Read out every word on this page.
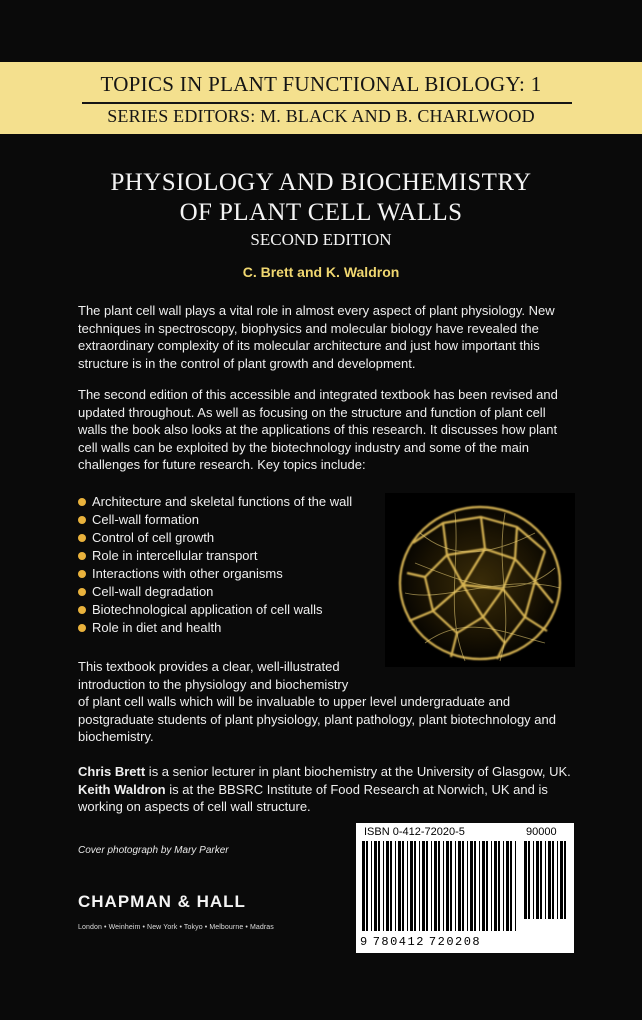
TOPICS IN PLANT FUNCTIONAL BIOLOGY: 1
SERIES EDITORS: M. BLACK AND B. CHARLWOOD
PHYSIOLOGY AND BIOCHEMISTRY
OF PLANT CELL WALLS
SECOND EDITION
C. Brett and K. Waldron
The plant cell wall plays a vital role in almost every aspect of plant physiology. New techniques in spectroscopy, biophysics and molecular biology have revealed the extraordinary complexity of its molecular architecture and just how important this structure is in the control of plant growth and development.
The second edition of this accessible and integrated textbook has been revised and updated throughout. As well as focusing on the structure and function of plant cell walls the book also looks at the applications of this research. It discusses how plant cell walls can be exploited by the biotechnology industry and some of the main challenges for future research. Key topics include:
Architecture and skeletal functions of the wall
Cell-wall formation
Control of cell growth
Role in intercellular transport
Interactions with other organisms
Cell-wall degradation
Biotechnological application of cell walls
Role in diet and health
This textbook provides a clear, well-illustrated
introduction to the physiology and biochemistry
of plant cell walls which will be invaluable to upper level undergraduate and postgraduate students of plant physiology, plant pathology, plant biotechnology and biochemistry.
Chris Brett is a senior lecturer in plant biochemistry at the University of Glasgow, UK. Keith Waldron is at the BBSRC Institute of Food Research at Norwich, UK and is working on aspects of cell wall structure.
Cover photograph by Mary Parker
CHAPMAN & HALL
London • Weinheim • New York • Tokyo • Melbourne • Madras
ISBN 0-412-72020-5	90000
9 780412 720208
